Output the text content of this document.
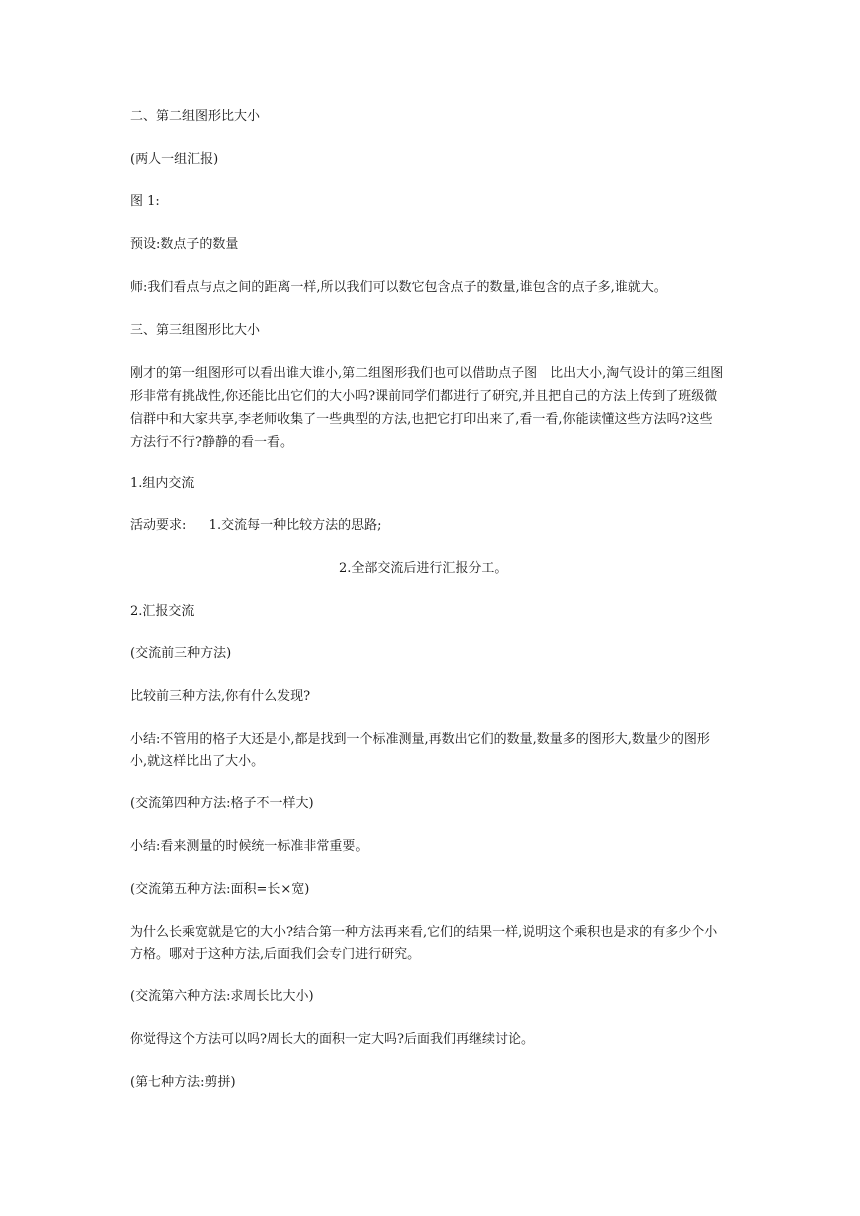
二、第二组图形比大小
(两人一组汇报)
图 1:
预设:数点子的数量
师:我们看点与点之间的距离一样,所以我们可以数它包含点子的数量,谁包含的点子多,谁就大。
三、第三组图形比大小
刚才的第一组图形可以看出谁大谁小,第二组图形我们也可以借助点子图　比出大小,淘气设计的第三组图
形非常有挑战性,你还能比出它们的大小吗?课前同学们都进行了研究,并且把自己的方法上传到了班级微
信群中和大家共享,李老师收集了一些典型的方法,也把它打印出来了,看一看,你能读懂这些方法吗?这些
方法行不行?静静的看一看。
1.组内交流
活动要求: 1.交流每一种比较方法的思路;
2.全部交流后进行汇报分工。
2.汇报交流
(交流前三种方法)
比较前三种方法,你有什么发现?
小结:不管用的格子大还是小,都是找到一个标准测量,再数出它们的数量,数量多的图形大,数量少的图形
小,就这样比出了大小。
(交流第四种方法:格子不一样大)
小结:看来测量的时候统一标准非常重要。
(交流第五种方法:面积=长×宽)
为什么长乘宽就是它的大小?结合第一种方法再来看,它们的结果一样,说明这个乘积也是求的有多少个小
方格。哪对于这种方法,后面我们会专门进行研究。
(交流第六种方法:求周长比大小)
你觉得这个方法可以吗?周长大的面积一定大吗?后面我们再继续讨论。
(第七种方法:剪拼)
